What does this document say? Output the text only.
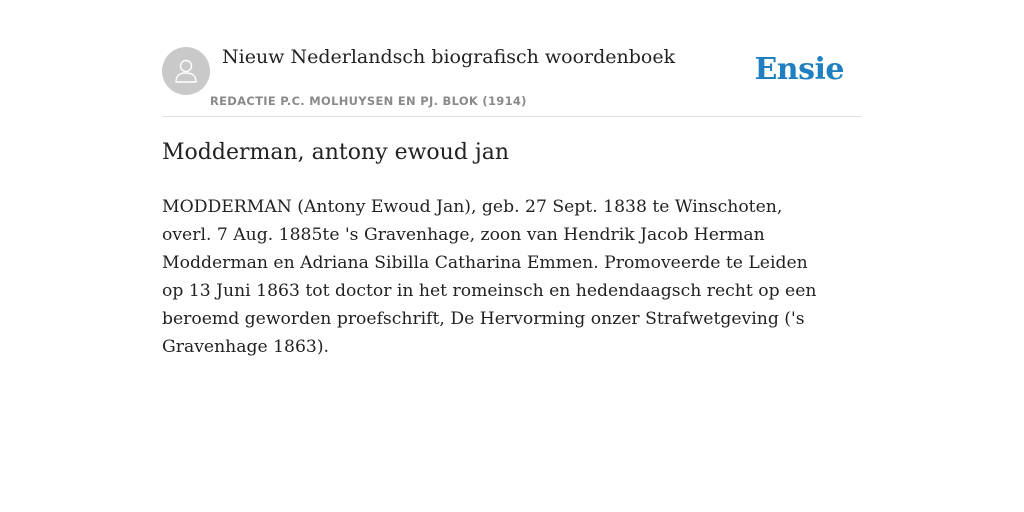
Nieuw Nederlandsch biografisch woordenboek
REDACTIE P.C. MOLHUYSEN EN PJ. BLOK (1914)
Ensie
Modderman, antony ewoud jan

MODDERMAN (Antony Ewoud Jan), geb. 27 Sept. 1838 te Winschoten, overl. 7 Aug. 1885te 's Gravenhage, zoon van Hendrik Jacob Herman Modderman en Adriana Sibilla Catharina Emmen. Promoveerde te Leiden op 13 Juni 1863 tot doctor in het romeinsch en hedendaagsch recht op een beroemd geworden proefschrift, De Hervorming onzer Strafwetgeving ('s Gravenhage 1863).
